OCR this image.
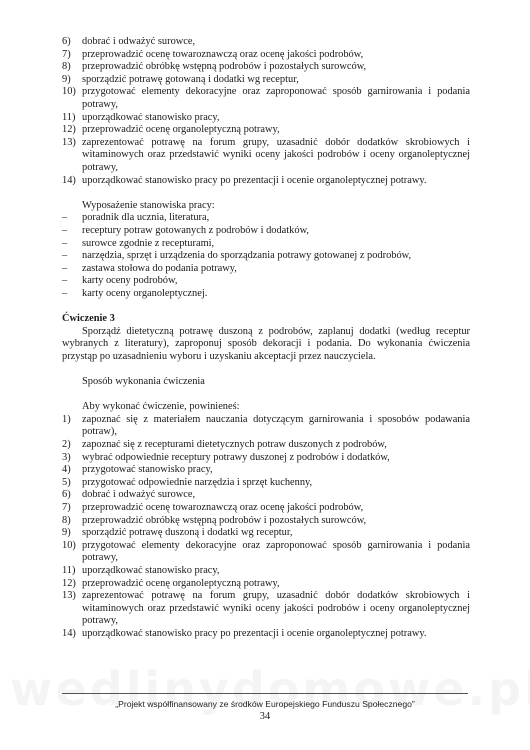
6)	dobrać i odważyć surowce,
7)	przeprowadzić ocenę towaroznawczą oraz ocenę jakości podrobów,
8)	przeprowadzić obróbkę wstępną podrobów i pozostałych surowców,
9)	sporządzić potrawę gotowaną i dodatki wg receptur,
10) przygotować elementy dekoracyjne oraz zaproponować sposób garnirowania i podania potrawy,
11) uporządkować stanowisko pracy,
12) przeprowadzić ocenę organoleptyczną potrawy,
13) zaprezentować potrawę na forum grupy, uzasadnić dobór dodatków skrobiowych i witaminowych oraz przedstawić wyniki oceny jakości podrobów i oceny organoleptycznej potrawy,
14) uporządkować stanowisko pracy po prezentacji i ocenie organoleptycznej potrawy.
Wyposażenie stanowiska pracy:
– poradnik dla ucznia, literatura,
– receptury potraw gotowanych z podrobów i dodatków,
– surowce zgodnie z recepturami,
– narzędzia, sprzęt i urządzenia do sporządzania potrawy gotowanej z podrobów,
– zastawa stołowa do podania potrawy,
– karty oceny podrobów,
– karty oceny organoleptycznej.
Ćwiczenie 3
Sporządź dietetyczną potrawę duszoną z podrobów, zaplanuj dodatki (według receptur wybranych z literatury), zaproponuj sposób dekoracji i podania. Do wykonania ćwiczenia przystąp po uzasadnieniu wyboru i uzyskaniu akceptacji przez nauczyciela.
Sposób wykonania ćwiczenia
Aby wykonać ćwiczenie, powinieneś:
1)	zapoznać się z materiałem nauczania dotyczącym garnirowania i sposobów podawania potraw),
2)	zapoznać się z recepturami dietetycznych potraw duszonych z podrobów,
3)	wybrać odpowiednie receptury potrawy duszonej z podrobów i dodatków,
4)	przygotować stanowisko pracy,
5)	przygotować odpowiednie narzędzia i sprzęt kuchenny,
6)	dobrać i odważyć surowce,
7)	przeprowadzić ocenę towaroznawczą oraz ocenę jakości podrobów,
8)	przeprowadzić obróbkę wstępną podrobów i pozostałych surowców,
9)	sporządzić potrawę duszoną i dodatki wg receptur,
10) przygotować elementy dekoracyjne oraz zaproponować sposób garnirowania i podania potrawy,
11) uporządkować stanowisko pracy,
12) przeprowadzić ocenę organoleptyczną potrawy,
13) zaprezentować potrawę na forum grupy, uzasadnić dobór dodatków skrobiowych i witaminowych oraz przedstawić wyniki oceny jakości podrobów i oceny organoleptycznej potrawy,
14) uporządkować stanowisko pracy po prezentacji i ocenie organoleptycznej potrawy.
„Projekt współfinansowany ze środków Europejskiego Funduszu Społecznego”
34
